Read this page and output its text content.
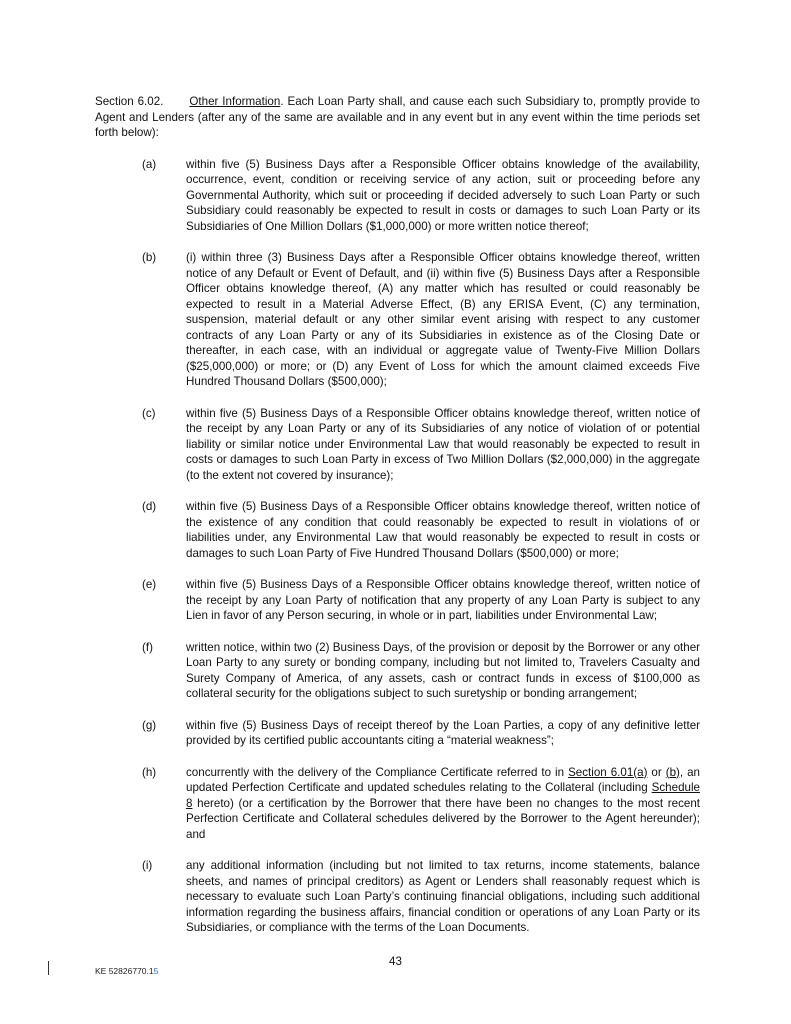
Section 6.02. Other Information. Each Loan Party shall, and cause each such Subsidiary to, promptly provide to Agent and Lenders (after any of the same are available and in any event but in any event within the time periods set forth below):

(a)	within five (5) Business Days after a Responsible Officer obtains knowledge of the availability, occurrence, event, condition or receiving service of any action, suit or proceeding before any Governmental Authority, which suit or proceeding if decided adversely to such Loan Party or such Subsidiary could reasonably be expected to result in costs or damages to such Loan Party or its Subsidiaries of One Million Dollars ($1,000,000) or more written notice thereof;
(b)	(i) within three (3) Business Days after a Responsible Officer obtains knowledge thereof, written notice of any Default or Event of Default, and (ii) within five (5) Business Days after a Responsible Officer obtains knowledge thereof, (A) any matter which has resulted or could reasonably be expected to result in a Material Adverse Effect, (B) any ERISA Event, (C) any termination, suspension, material default or any other similar event arising with respect to any customer contracts of any Loan Party or any of its Subsidiaries in existence as of the Closing Date or thereafter, in each case, with an individual or aggregate value of Twenty-Five Million Dollars ($25,000,000) or more; or (D) any Event of Loss for which the amount claimed exceeds Five Hundred Thousand Dollars ($500,000);
(c)	within five (5) Business Days of a Responsible Officer obtains knowledge thereof, written notice of the receipt by any Loan Party or any of its Subsidiaries of any notice of violation of or potential liability or similar notice under Environmental Law that would reasonably be expected to result in costs or damages to such Loan Party in excess of Two Million Dollars ($2,000,000) in the aggregate (to the extent not covered by insurance);
(d)	within five (5) Business Days of a Responsible Officer obtains knowledge thereof, written notice of the existence of any condition that could reasonably be expected to result in violations of or liabilities under, any Environmental Law that would reasonably be expected to result in costs or damages to such Loan Party of Five Hundred Thousand Dollars ($500,000) or more;
(e)	within five (5) Business Days of a Responsible Officer obtains knowledge thereof, written notice of the receipt by any Loan Party of notification that any property of any Loan Party is subject to any Lien in favor of any Person securing, in whole or in part, liabilities under Environmental Law;
(f)	written notice, within two (2) Business Days, of the provision or deposit by the Borrower or any other Loan Party to any surety or bonding company, including but not limited to, Travelers Casualty and Surety Company of America, of any assets, cash or contract funds in excess of $100,000 as collateral security for the obligations subject to such suretyship or bonding arrangement;
(g)	within five (5) Business Days of receipt thereof by the Loan Parties, a copy of any definitive letter provided by its certified public accountants citing a “material weakness”;
(h)	concurrently with the delivery of the Compliance Certificate referred to in Section 6.01(a) or (b), an updated Perfection Certificate and updated schedules relating to the Collateral (including Schedule 8 hereto) (or a certification by the Borrower that there have been no changes to the most recent Perfection Certificate and Collateral schedules delivered by the Borrower to the Agent hereunder); and
(i)	any additional information (including but not limited to tax returns, income statements, balance sheets, and names of principal creditors) as Agent or Lenders shall reasonably request which is necessary to evaluate such Loan Party’s continuing financial obligations, including such additional information regarding the business affairs, financial condition or operations of any Loan Party or its Subsidiaries, or compliance with the terms of the Loan Documents.
43
KE 52826770.15
